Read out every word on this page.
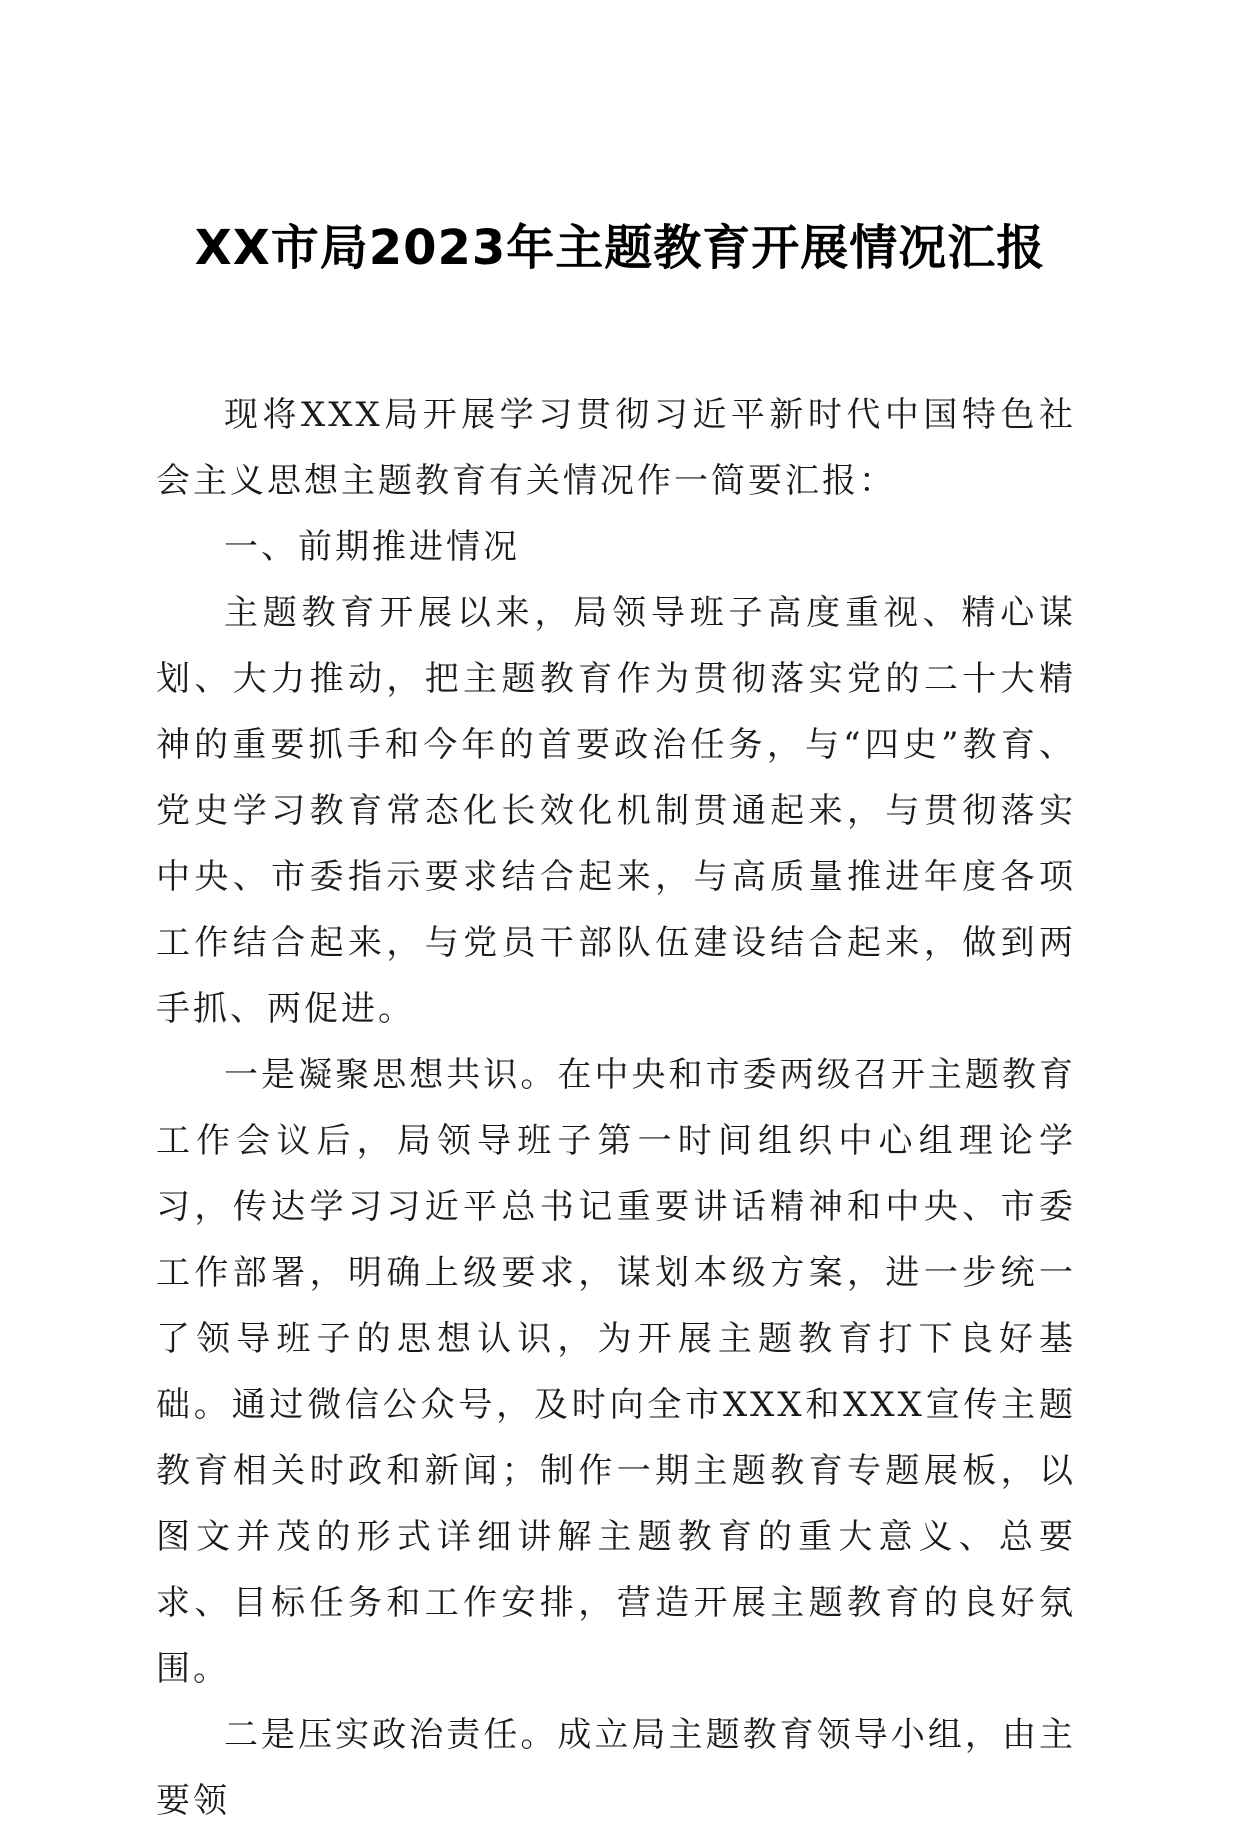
XX市局2023年主题教育开展情况汇报

现将XXX局开展学习贯彻习近平新时代中国特色社会主义思想主题教育有关情况作一简要汇报：

一、前期推进情况

主题教育开展以来，局领导班子高度重视、精心谋划、大力推动，把主题教育作为贯彻落实党的二十大精神的重要抓手和今年的首要政治任务，与“四史”教育、党史学习教育常态化长效化机制贯通起来，与贯彻落实中央、市委指示要求结合起来，与高质量推进年度各项工作结合起来，与党员干部队伍建设结合起来，做到两手抓、两促进。

一是凝聚思想共识。在中央和市委两级召开主题教育工作会议后，局领导班子第一时间组织中心组理论学习，传达学习习近平总书记重要讲话精神和中央、市委工作部署，明确上级要求，谋划本级方案，进一步统一了领导班子的思想认识，为开展主题教育打下良好基础。通过微信公众号，及时向全市XXX和XXX宣传主题教育相关时政和新闻；制作一期主题教育专题展板，以图文并茂的形式详细讲解主题教育的重大意义、总要求、目标任务和工作安排，营造开展主题教育的良好氛围。

二是压实政治责任。成立局主题教育领导小组，由主要领
